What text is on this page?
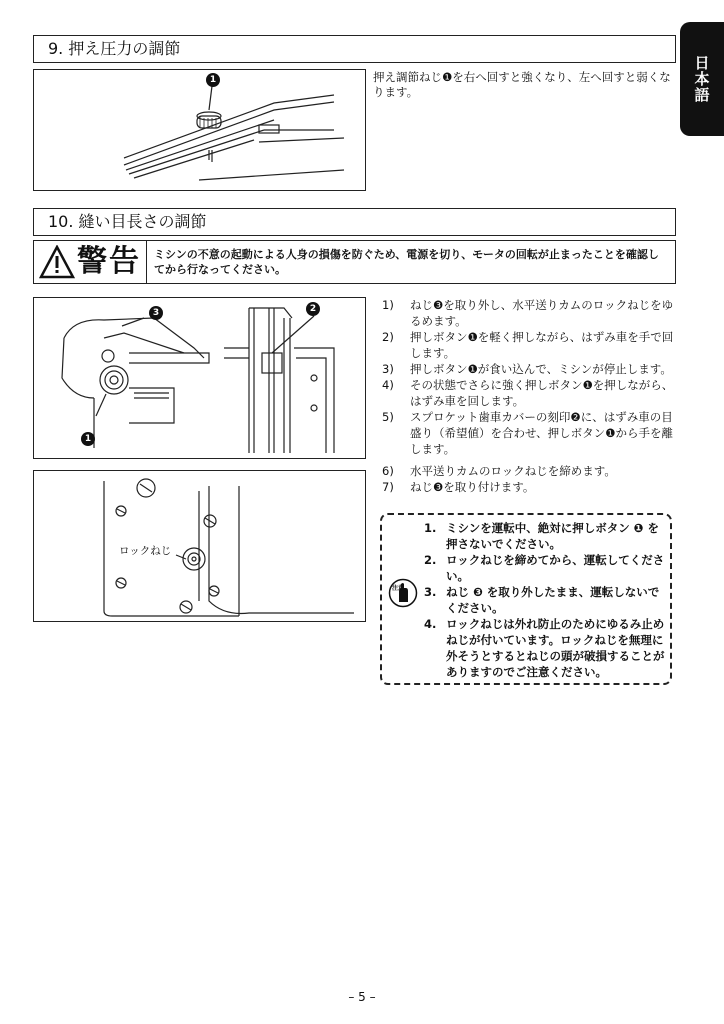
日本語
9. 押え圧力の調節
1	押え調節ねじ❶を右へ回すと強くなり、左へ回すと弱くなります。
10. 縫い目長さの調節
警告 ミシンの不意の起動による人身の損傷を防ぐため、電源を切り、モータの回転が止まったことを確認してから行なってください。
3	2
1
ロックねじ
1) ねじ❸を取り外し、水平送りカムのロックねじをゆるめます。
2) 押しボタン❶を軽く押しながら、はずみ車を手で回します。
3) 押しボタン❶が食い込んで、ミシンが停止します。
4) その状態でさらに強く押しボタン❶を押しながら、はずみ車を回します。
5) スプロケット歯車カバーの刻印❷に、はずみ車の目盛り（希望値）を合わせ、押しボタン❶から手を離します。
6) 水平送りカムのロックねじを締めます。
7) ねじ❸を取り付けます。
注意
1. ミシンを運転中、絶対に押しボタン ❶ を押さないでください。
2. ロックねじを締めてから、運転してください。
3. ねじ ❸ を取り外したまま、運転しないでください。
4. ロックねじは外れ防止のためにゆるみ止めねじが付いています。ロックねじを無理に外そうとするとねじの頭が破損することがありますのでご注意ください。
– 5 –
